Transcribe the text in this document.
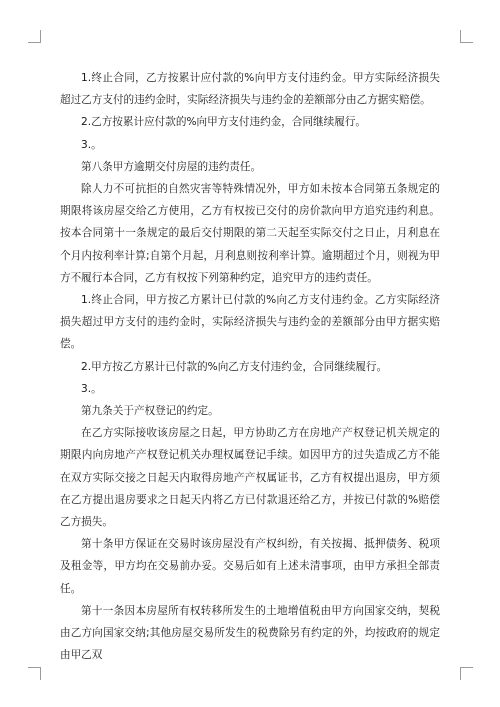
1.终止合同，乙方按累计应付款的%向甲方支付违约金。甲方实际经济损失超过乙方支付的违约金时，实际经济损失与违约金的差额部分由乙方据实赔偿。

2.乙方按累计应付款的%向甲方支付违约金，合同继续履行。

3.。

第八条甲方逾期交付房屋的违约责任。

除人力不可抗拒的自然灾害等特殊情况外，甲方如未按本合同第五条规定的期限将该房屋交给乙方使用，乙方有权按已交付的房价款向甲方追究违约利息。按本合同第十一条规定的最后交付期限的第二天起至实际交付之日止，月利息在个月内按利率计算;自第个月起，月利息则按利率计算。逾期超过个月，则视为甲方不履行本合同，乙方有权按下列第种约定，追究甲方的违约责任。

1.终止合同，甲方按乙方累计已付款的%向乙方支付违约金。乙方实际经济损失超过甲方支付的违约金时，实际经济损失与违约金的差额部分由甲方据实赔偿。

2.甲方按乙方累计已付款的%向乙方支付违约金，合同继续履行。

3.。

第九条关于产权登记的约定。

在乙方实际接收该房屋之日起，甲方协助乙方在房地产产权登记机关规定的期限内向房地产产权登记机关办理权属登记手续。如因甲方的过失造成乙方不能在双方实际交接之日起天内取得房地产产权属证书，乙方有权提出退房，甲方须在乙方提出退房要求之日起天内将乙方已付款退还给乙方，并按已付款的%赔偿乙方损失。

第十条甲方保证在交易时该房屋没有产权纠纷，有关按揭、抵押债务、税项及租金等，甲方均在交易前办妥。交易后如有上述未清事项，由甲方承担全部责任。

第十一条因本房屋所有权转移所发生的土地增值税由甲方向国家交纳，契税由乙方向国家交纳;其他房屋交易所发生的税费除另有约定的外，均按政府的规定由甲乙双
